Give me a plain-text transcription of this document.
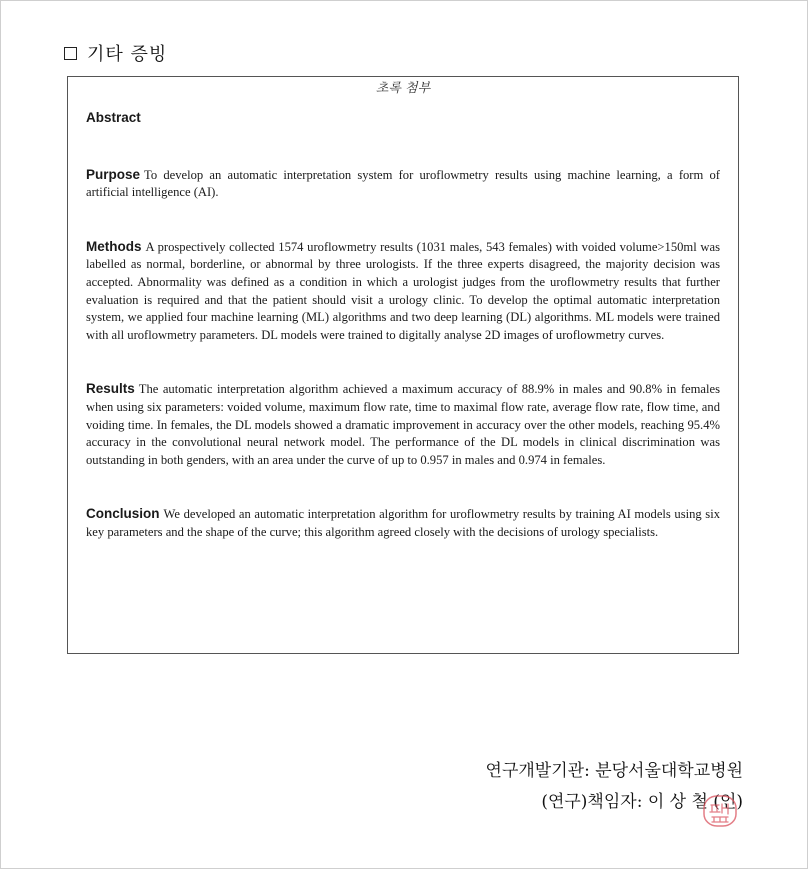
기타 증빙
초록 첨부

Abstract

Purpose To develop an automatic interpretation system for uroflowmetry results using machine learning, a form of artificial intelligence (AI).

Methods A prospectively collected 1574 uroflowmetry results (1031 males, 543 females) with voided volume>150ml was labelled as normal, borderline, or abnormal by three urologists. If the three experts disagreed, the majority decision was accepted. Abnormality was defined as a condition in which a urologist judges from the uroflowmetry results that further evaluation is required and that the patient should visit a urology clinic. To develop the optimal automatic interpretation system, we applied four machine learning (ML) algorithms and two deep learning (DL) algorithms. ML models were trained with all uroflowmetry parameters. DL models were trained to digitally analyse 2D images of uroflowmetry curves.

Results The automatic interpretation algorithm achieved a maximum accuracy of 88.9% in males and 90.8% in females when using six parameters: voided volume, maximum flow rate, time to maximal flow rate, average flow rate, flow time, and voiding time. In females, the DL models showed a dramatic improvement in accuracy over the other models, reaching 95.4% accuracy in the convolutional neural network model. The performance of the DL models in clinical discrimination was outstanding in both genders, with an area under the curve of up to 0.957 in males and 0.974 in females.

Conclusion We developed an automatic interpretation algorithm for uroflowmetry results by training AI models using six key parameters and the shape of the curve; this algorithm agreed closely with the decisions of urology specialists.

연구개발기관: 분당서울대학교병원
(연구)책임자: 이 상 철 (인)
